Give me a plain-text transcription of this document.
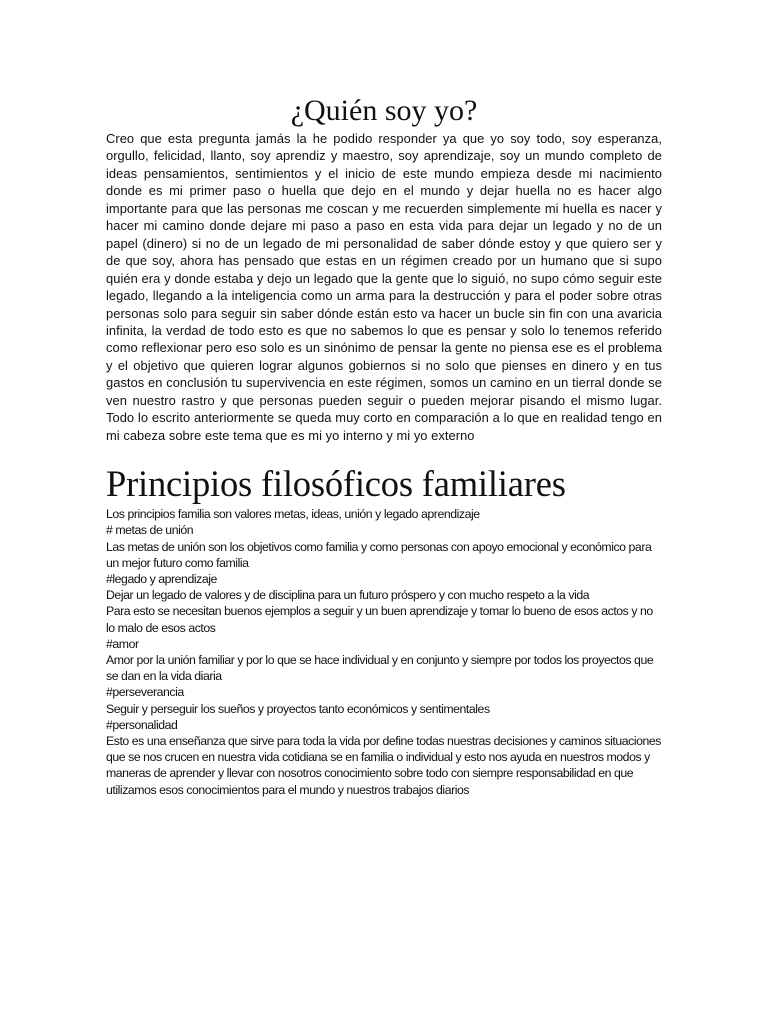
¿Quién soy yo?

Creo que esta pregunta jamás la he podido responder ya que yo soy todo, soy esperanza, orgullo, felicidad, llanto, soy aprendiz y maestro, soy aprendizaje, soy un mundo completo de ideas pensamientos, sentimientos y el inicio de este mundo empieza desde mi nacimiento donde es mi primer paso o huella que dejo en el mundo y dejar huella no es hacer algo importante para que las personas me coscan y me recuerden simplemente mi huella es nacer y hacer mi camino donde dejare mi paso a paso en esta vida para dejar un legado y no de un papel (dinero) si no de un legado de mi personalidad de saber dónde estoy y que quiero ser y de que soy, ahora has pensado que estas en un régimen creado por un humano que si supo quién era y donde estaba y dejo un legado que la gente que lo siguió, no supo cómo seguir este legado, llegando a la inteligencia como un arma para la destrucción y para el poder sobre otras personas solo para seguir sin saber dónde están esto va hacer un bucle sin fin con una avaricia infinita, la verdad de todo esto es que no sabemos lo que es pensar y solo lo tenemos referido como reflexionar pero eso solo es un sinónimo de pensar la gente no piensa ese es el problema y el objetivo que quieren lograr algunos gobiernos si no solo que pienses en dinero y en tus gastos en conclusión tu supervivencia en este régimen, somos un camino en un tierral donde se ven nuestro rastro y que personas pueden seguir o pueden mejorar pisando el mismo lugar. Todo lo escrito anteriormente se queda muy corto en comparación a lo que en realidad tengo en mi cabeza sobre este tema que es mi yo interno y mi yo externo

Principios filosóficos familiares

Los principios familia son valores metas, ideas, unión y legado aprendizaje

# metas de unión

Las metas de unión son los objetivos como familia y como personas con apoyo emocional y económico para un mejor futuro como familia

#legado y aprendizaje

Dejar un legado de valores y de disciplina para un futuro próspero y con mucho respeto a la vida

Para esto se necesitan buenos ejemplos a seguir y un buen aprendizaje y tomar lo bueno de esos actos y no lo malo de esos actos

#amor

Amor por la unión familiar y por lo que se hace individual y en conjunto y siempre por todos los proyectos que se dan en la vida diaria

#perseverancia

Seguir y perseguir los sueños y proyectos tanto económicos y sentimentales

#personalidad

Esto es una enseñanza que sirve para toda la vida por define todas nuestras decisiones y caminos situaciones que se nos crucen en nuestra vida cotidiana se en familia o individual y esto nos ayuda en nuestros modos y maneras de aprender y llevar con nosotros conocimiento sobre todo con siempre responsabilidad en que utilizamos esos conocimientos para el mundo y nuestros trabajos diarios
